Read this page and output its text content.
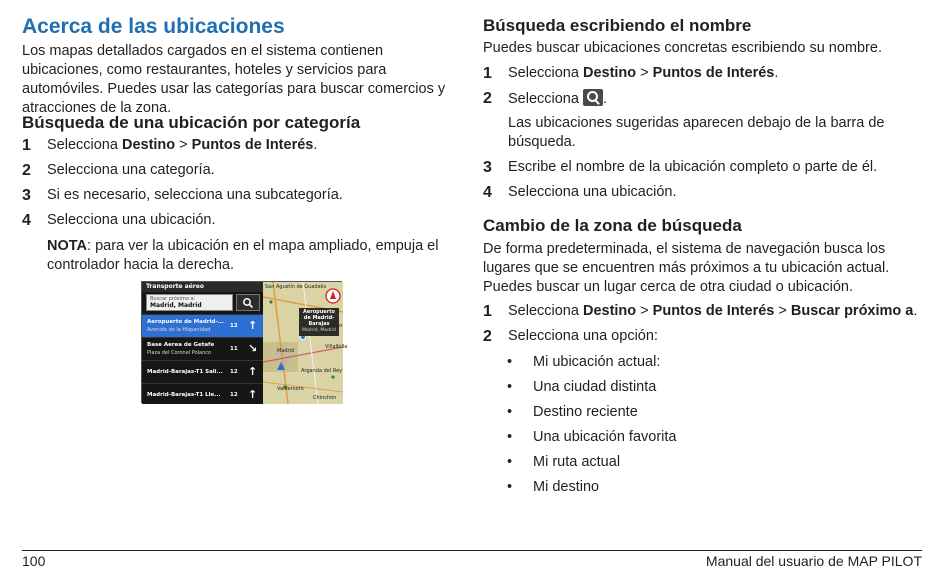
Acerca de las ubicaciones

Los mapas detallados cargados en el sistema contienen ubicaciones, como restaurantes, hoteles y servicios para automóviles. Puedes usar las categorías para buscar comercios y atracciones de la zona.

Búsqueda de una ubicación por categoría
1 Selecciona Destino > Puntos de Interés.
2 Selecciona una categoría.
3 Si es necesario, selecciona una subcategoría.
4 Selecciona una ubicación.
NOTA: para ver la ubicación en el mapa ampliado, empuja el controlador hacia la derecha.
Transporte aéreo
Buscar próximo a:
Madrid, Madrid
Aeropuerto de Madrid-...
Avenida de la Hispanidad
12 ↑
Base Aerea de Getafe
Plaza del Coronel Polanco
11 ↘
Madrid-Barajas-T1 Sali...	12 ↑
Madrid-Barajas-T1 Lle...	12 ↑
San Agustín de Guadalix
Aeropuerto de Madrid-Barajas
Madrid, Madrid
Meco
Villalbilla
Madrid
Arganda del Rey
Valdemoro
Chinchón
Búsqueda escribiendo el nombre

Puedes buscar ubicaciones concretas escribiendo su nombre.

1 Selecciona Destino > Puntos de Interés.
2 Selecciona .
Las ubicaciones sugeridas aparecen debajo de la barra de búsqueda.
3 Escribe el nombre de la ubicación completo o parte de él.
4 Selecciona una ubicación.
Cambio de la zona de búsqueda

De forma predeterminada, el sistema de navegación busca los lugares que se encuentren más próximos a tu ubicación actual. Puedes buscar un lugar cerca de otra ciudad o ubicación.

1 Selecciona Destino > Puntos de Interés > Buscar próximo a.
2 Selecciona una opción:
• Mi ubicación actual:
• Una ciudad distinta
• Destino reciente
• Una ubicación favorita
• Mi ruta actual
• Mi destino
100	Manual del usuario de MAP PILOT
